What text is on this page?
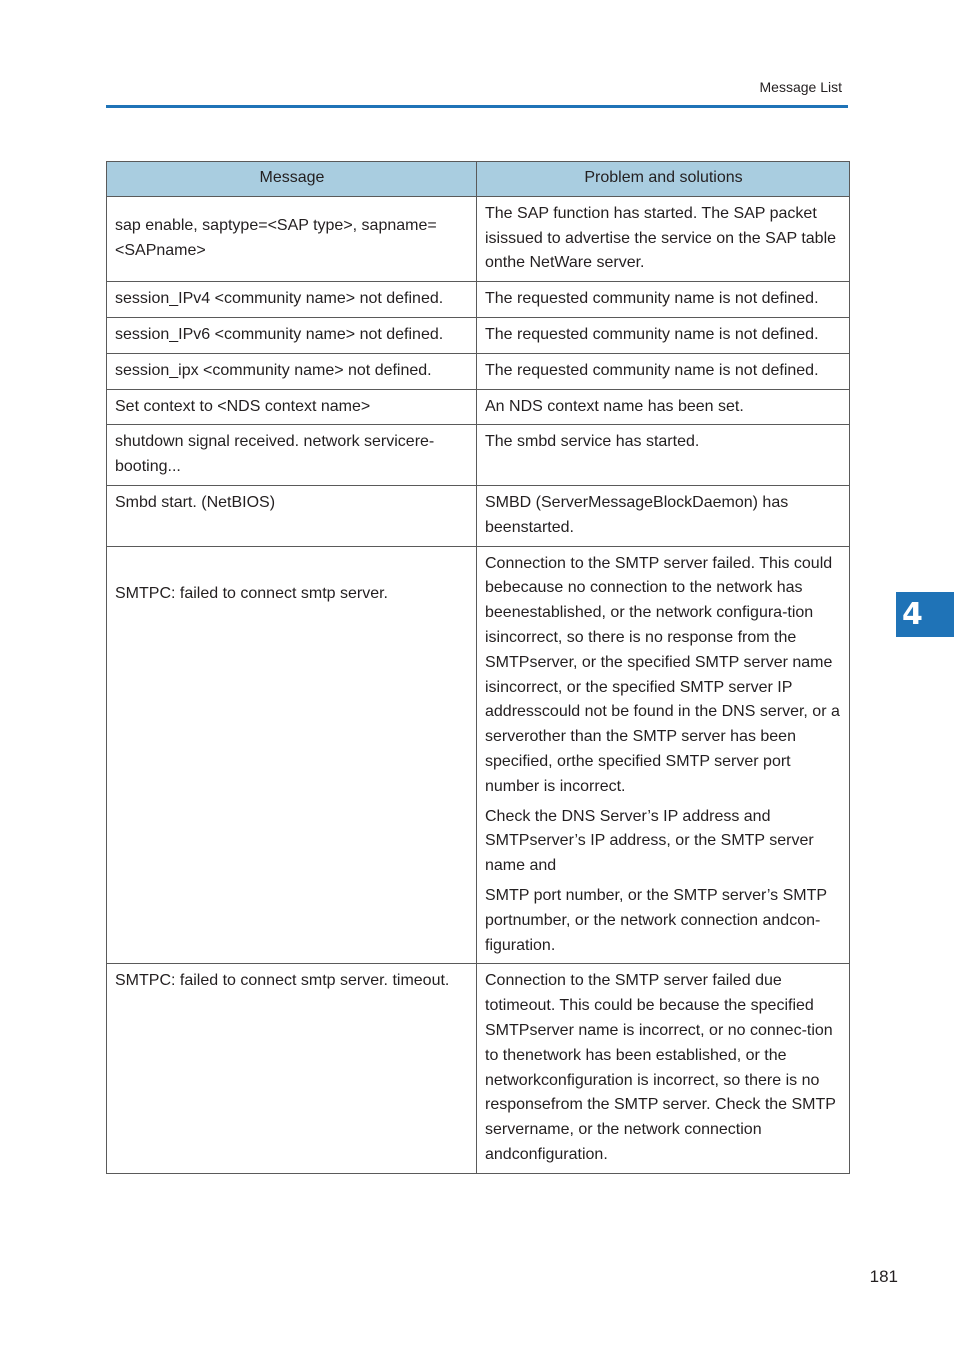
Message List
Message	Problem and solutions
sap enable, saptype=<SAP type>, sapname=<SAPname>	The SAP function has started. The SAP packet isissued to advertise the service on the SAP table onthe NetWare server.

session_IPv4 <community name> not defined.	The requested community name is not defined.

session_IPv6 <community name> not defined.	The requested community name is not defined.

session_ipx <community name> not defined.	The requested community name is not defined.

Set context to <NDS context name>	An NDS context name has been set.

shutdown signal received. network servicere-booting...	The smbd service has started.

Smbd start. (NetBIOS)	SMBD (ServerMessageBlockDaemon) has beenstarted.

SMTPC: failed to connect smtp server.	Connection to the SMTP server failed. This could bebecause no connection to the network has beenestablished, or the network configura-tion isincorrect, so there is no response from the SMTPserver, or the specified SMTP server name isincorrect, or the specified SMTP server IP addresscould not be found in the DNS server, or a serverother than the SMTP server has been specified, orthe specified SMTP server port number is incorrect.

Check the DNS Server’s IP address and SMTPserver’s IP address, or the SMTP server name and

SMTP port number, or the SMTP server’s SMTP portnumber, or the network connection andcon-figuration.

SMTPC: failed to connect smtp server. timeout.	Connection to the SMTP server failed due totimeout. This could be because the specified SMTPserver name is incorrect, or no connec-tion to thenetwork has been established, or the networkconfiguration is incorrect, so there is no responsefrom the SMTP server. Check the SMTP servername, or the network connection andconfiguration.

4
181
